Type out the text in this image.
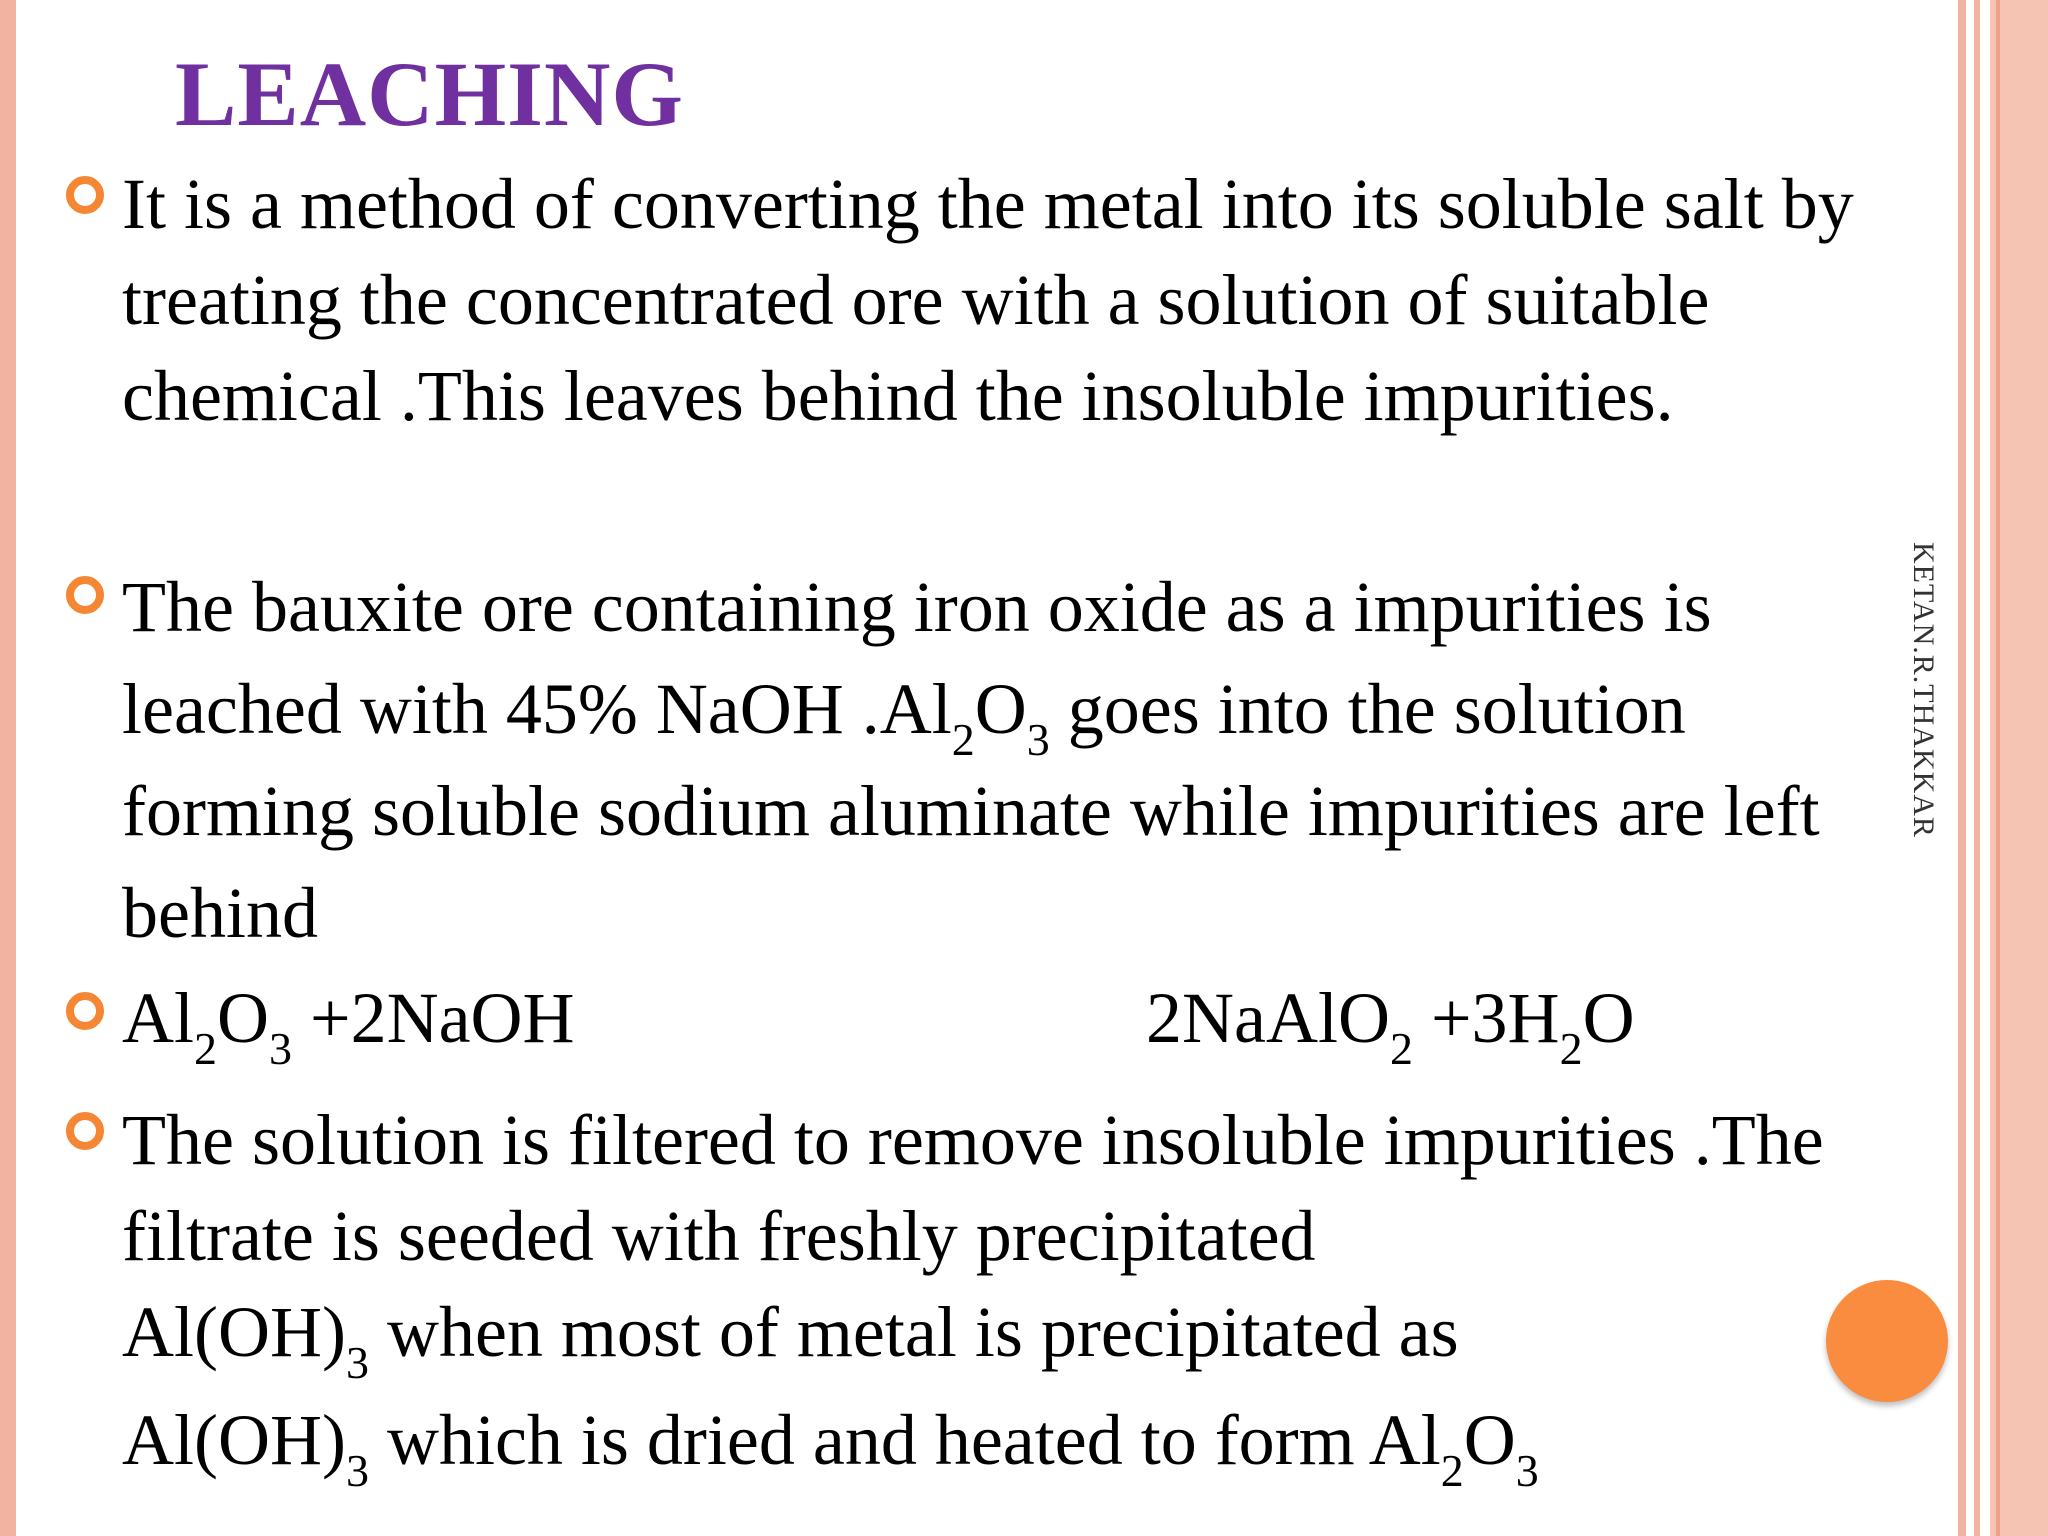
LEACHING

It is a method of converting the metal into its soluble salt by treating the concentrated ore with a solution of suitable chemical .This leaves behind the insoluble impurities.

The bauxite ore containing iron oxide as a impurities is leached with 45% NaOH $.Al_2O_3$ goes into the solution forming soluble sodium aluminate while impurities are left behind

$Al_2O_3$ +2NaOH	2NaAlO$_2$ $+3H_2O$

The solution is filtered to remove insoluble impurities .The filtrate is seeded with freshly precipitated

$Al(OH)_3$ when most of metal is precipitated as
$Al(OH)_3$ which is dried and heated to form $Al_2O_3$
KETAN.R.THAKKAR
